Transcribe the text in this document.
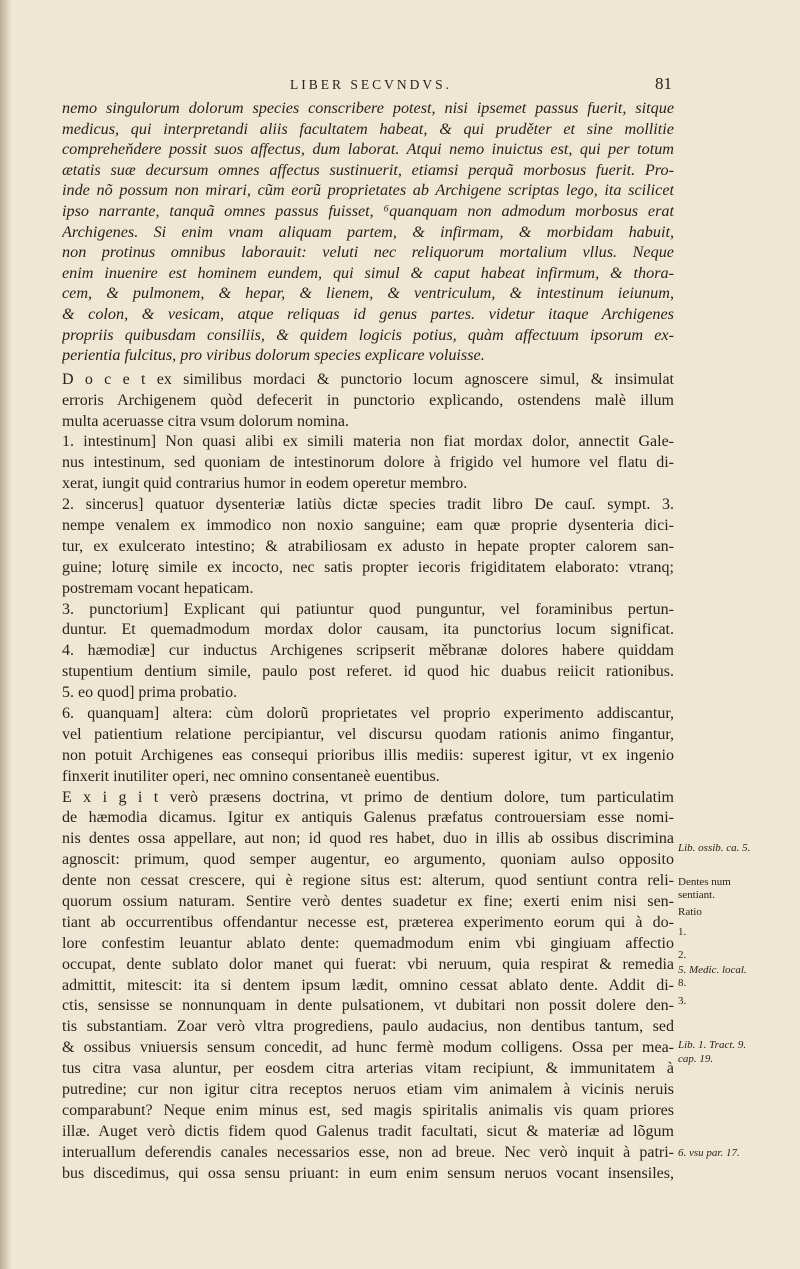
LIBER SECVNDVS.	81
nemo singulorum dolorum species conscribere potest, nisi ipsemet passus fuerit, sitque
medicus, qui interpretandi aliis facultatem habeat, & qui pruděter et sine mollitie
compreheňdere possit suos affectus, dum laborat. Atqui nemo inuictus est, qui per totum
ætatis suæ decursum omnes affectus sustinuerit, etiamsi perquã morbosus fuerit. Pro-
inde nõ possum non mirari, cũm eorũ proprietates ab Archigene scriptas lego, ita scilicet
ipso narrante, tanquã omnes passus fuisset, ⁶quanquam non admodum morbosus erat
Archigenes. Si enim vnam aliquam partem, & infirmam, & morbidam habuit,
non protinus omnibus laborauit: veluti nec reliquorum mortalium vllus. Neque
enim inuenire est hominem eundem, qui simul & caput habeat infirmum, & thora-
cem, & pulmonem, & hepar, & lienem, & ventriculum, & intestinum ieiunum,
& colon, & vesicam, atque reliquas id genus partes. videtur itaque Archigenes
propriis quibusdam consiliis, & quidem logicis potius, quàm affectuum ipsorum ex-
perientia fulcitus, pro viribus dolorum species explicare voluisse.
D o c e t ex similibus mordaci & punctorio locum agnoscere simul, & insimulat
erroris Archigenem quòd defecerit in punctorio explicando, ostendens malè illum
multa aceruasse citra vsum dolorum nomina.
1. intestinum] Non quasi alibi ex simili materia non fiat mordax dolor, annectit Gale-
nus intestinum, sed quoniam de intestinorum dolore à frigido vel humore vel flatu di-
xerat, iungit quid contrarius humor in eodem operetur membro.
2. sincerus] quatuor dysenteriæ latiùs dictæ species tradit libro De cauſ. sympt. 3.
nempe venalem ex immodico non noxio sanguine; eam quæ proprie dysenteria dici-
tur, ex exulcerato intestino; & atrabiliosam ex adusto in hepate propter calorem san-
guine; loturę simile ex incocto, nec satis propter iecoris frigiditatem elaborato: vtranq;
postremam vocant hepaticam.
3. punctorium] Explicant qui patiuntur quod punguntur, vel foraminibus pertun-
duntur. Et quemadmodum mordax dolor causam, ita punctorius locum significat.
4. hæmodiæ] cur inductus Archigenes scripserit měbranæ dolores habere quiddam
stupentium dentium simile, paulo post referet. id quod hic duabus reiicit rationibus.
5. eo quod] prima probatio.
6. quanquam] altera: cùm dolorũ proprietates vel proprio experimento addiscantur,
vel patientium relatione percipiantur, vel discursu quodam rationis animo fingantur,
non potuit Archigenes eas consequi prioribus illis mediis: superest igitur, vt ex ingenio
finxerit inutiliter operi, nec omnino consentaneè euentibus.
E x i g i t verò præsens doctrina, vt primo de dentium dolore, tum particulatim
de hæmodia dicamus. Igitur ex antiquis Galenus præfatus controuersiam esse nomi-
nis dentes ossa appellare, aut non; id quod res habet, duo in illis ab ossibus discrimina
agnoscit: primum, quod semper augentur, eo argumento, quoniam aulso opposito
dente non cessat crescere, qui è regione situs est: alterum, quod sentiunt contra reli-
quorum ossium naturam. Sentire verò dentes suadetur ex fine; exerti enim nisi sen-
tiant ab occurrentibus offendantur necesse est, præterea experimento eorum qui à do-
lore confestim leuantur ablato dente: quemadmodum enim vbi gingiuam affectio
occupat, dente sublato dolor manet qui fuerat: vbi neruum, quia respirat & remedia
admittit, mitescit: ita si dentem ipsum lædit, omnino cessat ablato dente. Addit di-
ctis, sensisse se nonnunquam in dente pulsationem, vt dubitari non possit dolere den-
tis substantiam. Zoar verò vltra progrediens, paulo audacius, non dentibus tantum, sed
& ossibus vniuersis sensum concedit, ad hunc fermè modum colligens. Ossa per mea-
tus citra vasa aluntur, per eosdem citra arterias vitam recipiunt, & immunitatem à
putredine; cur non igitur citra receptos neruos etiam vim animalem à vicinis neruis
comparabunt? Neque enim minus est, sed magis spiritalis animalis vis quam priores
illæ. Auget verò dictis fidem quod Galenus tradit facultati, sicut & materiæ ad lõgum
interuallum deferendis canales necessarios esse, non ad breue. Nec verò inquit à patri-
bus discedimus, qui ossa sensu priuant: in eum enim sensum neruos vocant insensiles,
Lib. ossib. ca. 5.
Dentes num
sentiant.
Ratio
1.
2.
5. Medic. local.
8.
3.
Lib. 1. Tract. 9.
cap. 19.
6. vsu par. 17.
